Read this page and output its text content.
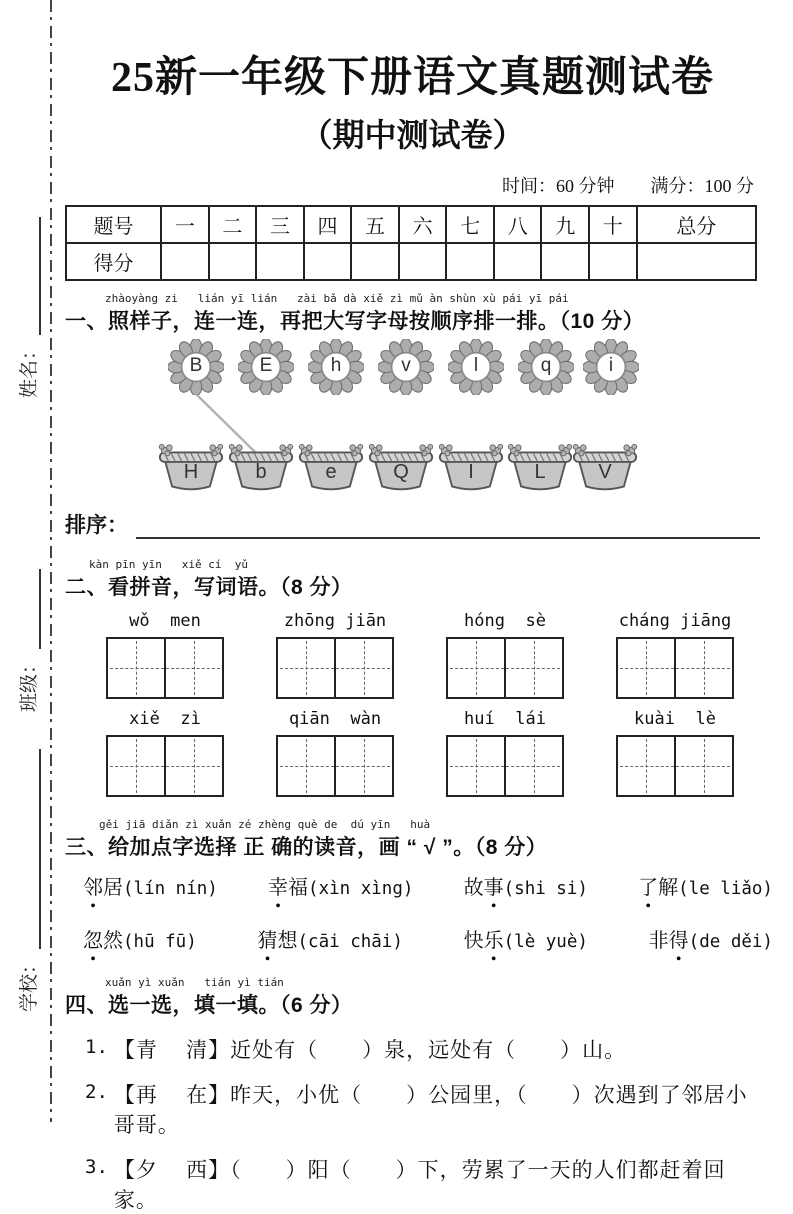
姓名：
班级：
学校：
25新一年级下册语文真题测试卷
（期中测试卷）
时间：60 分钟　　满分：100 分
题号	一	二	三	四	五	六	七	八	九	十	总分
得分											
zhàoyàng zi   lián yī lián   zài bǎ dà xiě zì mǔ àn shùn xù pái yī pái
一、照样子，连一连，再把大写字母按顺序排一排。（10 分）
B	E	h	v	l	q	i
H	b	e	Q	I	L	V
排序：
kàn pīn yīn   xiě cí  yǔ
二、看拼音，写词语。（8 分）
wǒ  men	zhōng jiān	hóng  sè	cháng jiāng
xiě  zì	qiān  wàn	huí  lái	kuài  lè
gěi jiā diǎn zì xuǎn zé zhèng què de  dú yīn   huà
三、给加点字选择 正 确的读音，画 “ √ ”。（8 分）
邻居(lín nín)	幸福(xìn xìng)	故事(shi si)	了解(le liǎo)
忽然(hū fū)	猜想(cāi chāi)	快乐(lè yuè)	非得(de děi)
xuǎn yì xuǎn   tián yì tián
四、选一选，填一填。（6 分）
1. 【青　 清】近处有（　　）泉，远处有（　　）山。
2. 【再　 在】昨天，小优（　　）公园里，（　　）次遇到了邻居小哥哥。
3. 【夕　 西】（　　）阳（　　）下，劳累了一天的人们都赶着回家。
